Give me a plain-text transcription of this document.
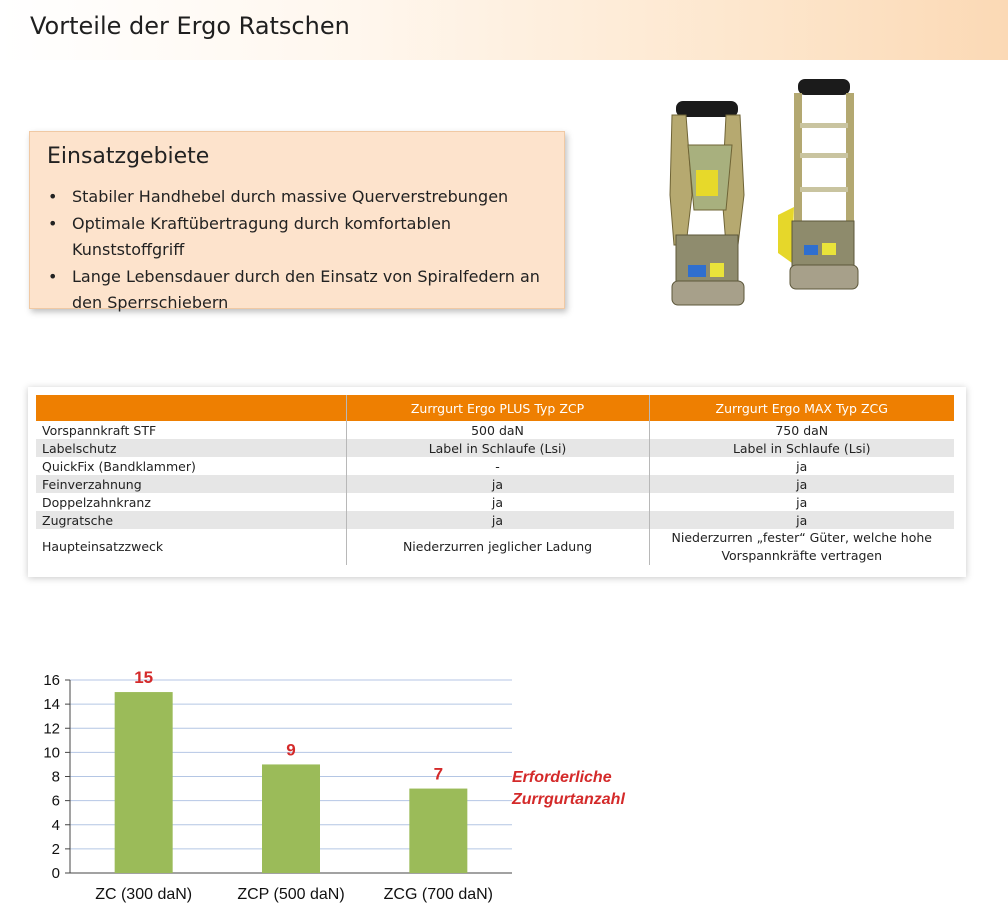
Vorteile der Ergo Ratschen
Einsatzgebiete
• Stabiler Handhebel durch massive Querverstrebungen
• Optimale Kraftübertragung durch komfortablen Kunststoffgriff
• Lange Lebensdauer durch den Einsatz von Spiralfedern an den Sperrschiebern
	Zurrgurt Ergo PLUS Typ ZCP	Zurrgurt Ergo MAX Typ ZCG
Vorspannkraft STF	500 daN	750 daN
Labelschutz	Label in Schlaufe (Lsi)	Label in Schlaufe (Lsi)
QuickFix (Bandklammer)	-	ja
Feinverzahnung	ja	ja
Doppelzahnkranz	ja	ja
Zugratsche	ja	ja
Haupteinsatzzweck	Niederzurren jeglicher Ladung	Niederzurren „fester“ Güter, welche hohe Vorspannkräfte vertragen
0
2
4
6
8
10
12
14
16	15
ZC (300 daN)
9
ZCP (500 daN)
7
ZCG (700 daN)
Erforderliche
Zurrgurtanzahl
